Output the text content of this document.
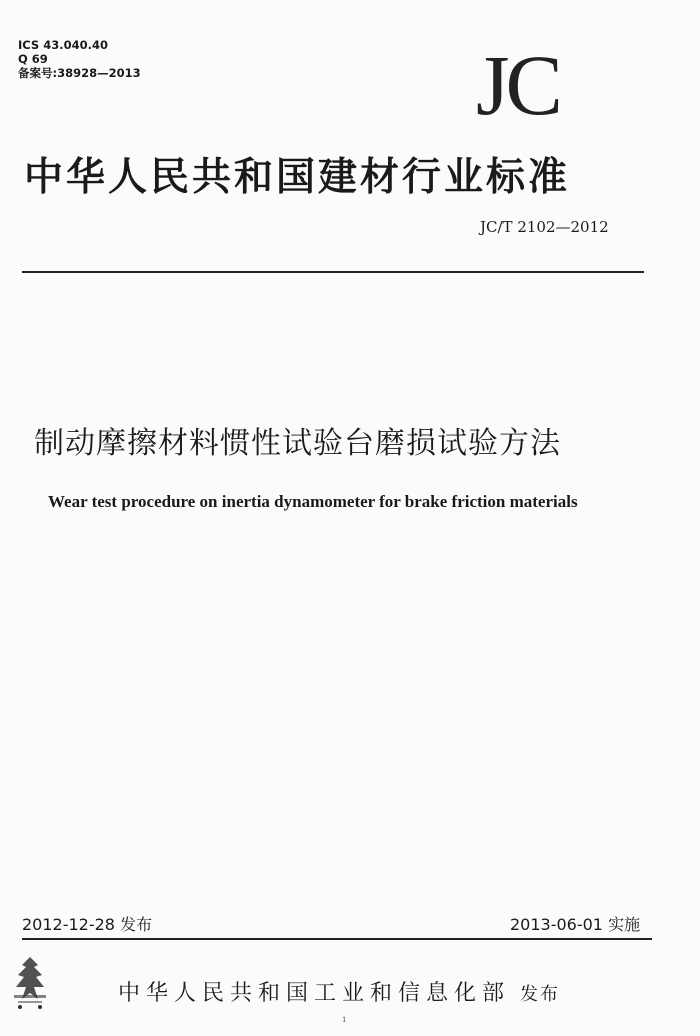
ICS 43.040.40
Q 69
备案号:38928—2013	JC
中华人民共和国建材行业标准
JC/T 2102—2012
制动摩擦材料惯性试验台磨损试验方法
Wear test procedure on inertia dynamometer for brake friction materials
2012-12-28 发布	2013-06-01 实施
中华人民共和国工业和信息化部 发布
1
